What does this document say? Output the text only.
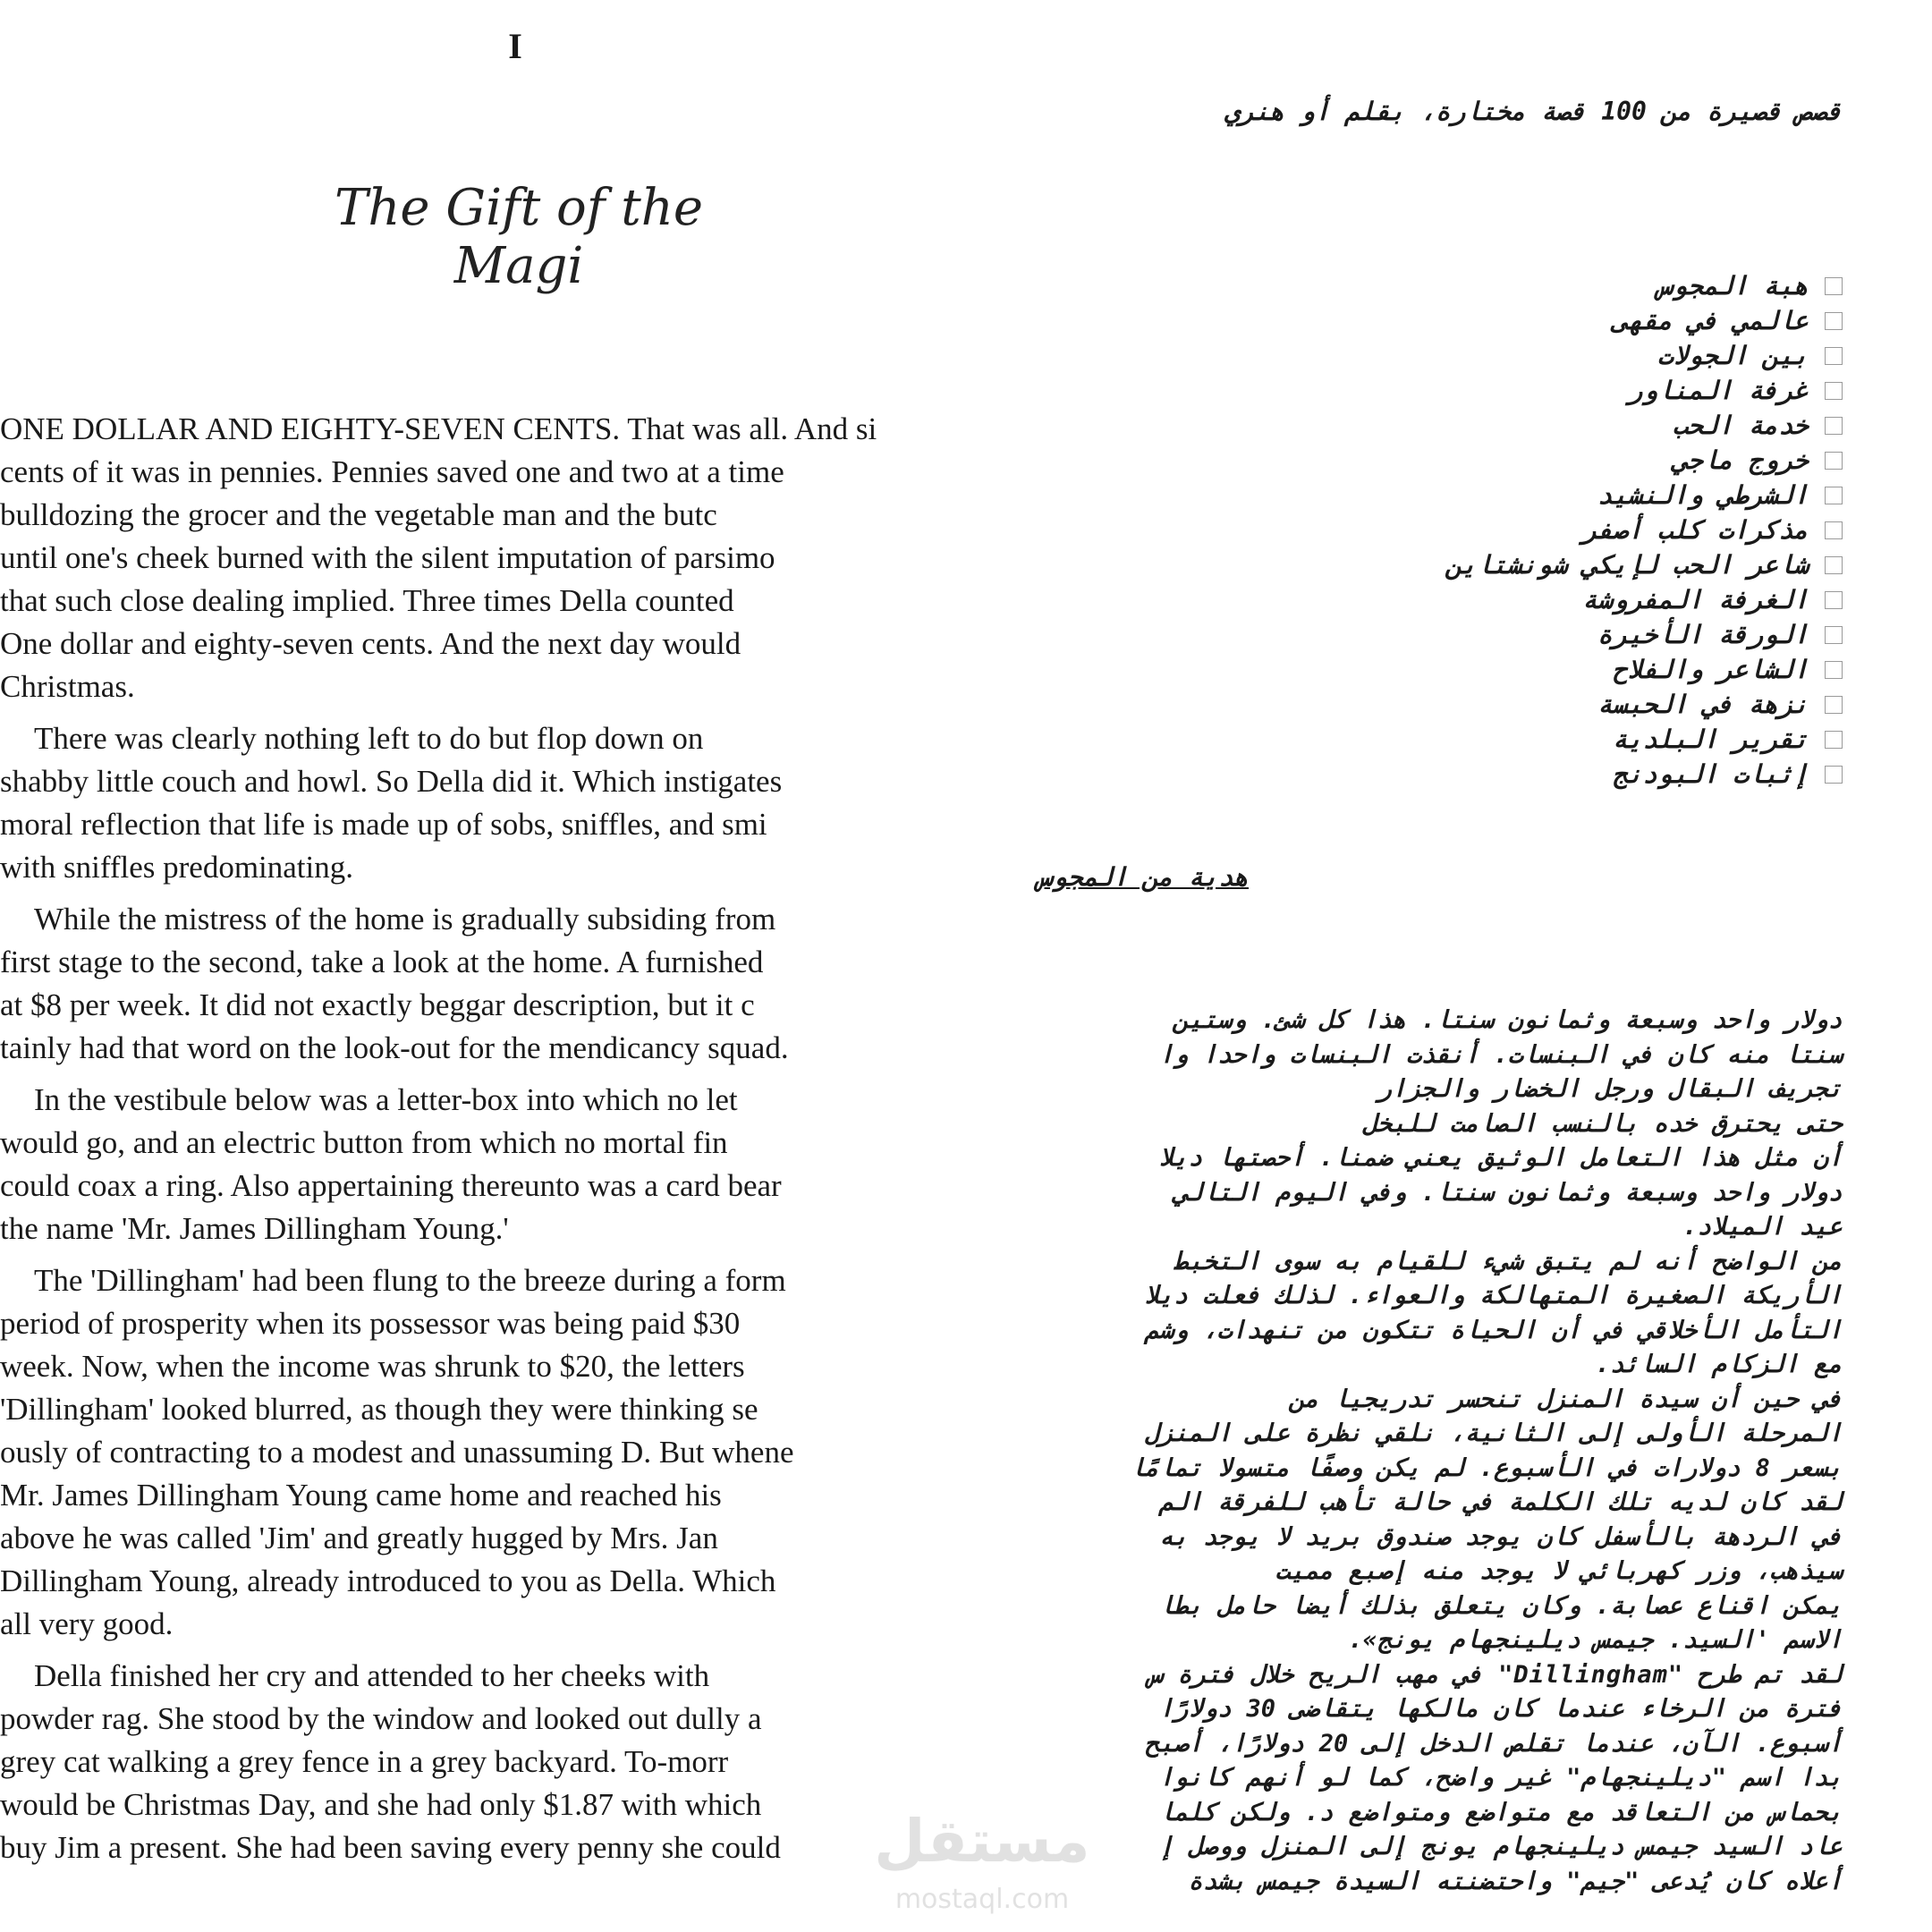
I
The Gift of the Magi
ONE DOLLAR AND EIGHTY-SEVEN CENTS. That was all. And si
cents of it was in pennies. Pennies saved one and two at a time
bulldozing the grocer and the vegetable man and the butc
until one's cheek burned with the silent imputation of parsimo
that such close dealing implied. Three times Della counted
One dollar and eighty-seven cents. And the next day would
Christmas.
There was clearly nothing left to do but flop down on
shabby little couch and howl. So Della did it. Which instigates
moral reflection that life is made up of sobs, sniffles, and smi
with sniffles predominating.
While the mistress of the home is gradually subsiding from
first stage to the second, take a look at the home. A furnished
at $8 per week. It did not exactly beggar description, but it c
tainly had that word on the look-out for the mendicancy squad.
In the vestibule below was a letter-box into which no let
would go, and an electric button from which no mortal fin
could coax a ring. Also appertaining thereunto was a card bear
the name 'Mr. James Dillingham Young.'
The 'Dillingham' had been flung to the breeze during a form
period of prosperity when its possessor was being paid $30
week. Now, when the income was shrunk to $20, the letters
'Dillingham' looked blurred, as though they were thinking se
ously of contracting to a modest and unassuming D. But whene
Mr. James Dillingham Young came home and reached his
above he was called 'Jim' and greatly hugged by Mrs. Jan
Dillingham Young, already introduced to you as Della. Which
all very good.
Della finished her cry and attended to her cheeks with
powder rag. She stood by the window and looked out dully a
grey cat walking a grey fence in a grey backyard. To-morr
would be Christmas Day, and she had only $1.87 with which
buy Jim a present. She had been saving every penny she could
قصص قصيرة من 100 قصة مختارة، بقلم أو هنري
هبة المجوس
عالمي في مقهى
بين الجولات
غرفة المناور
خدمة الحب
خروج ماجي
الشرطي والنشيد
مذكرات كلب أصفر
شاعر الحب لإيكي شونشتاين
الغرفة المفروشة
الورقة الأخيرة
الشاعر والفلاح
نزهة في الحبسة
تقرير البلدية
إثبات البودنج
هدية من المجوس
دولار واحد وسبعة وثمانون سنتا. هذا كل شئ. وستين
سنتا منه كان في البنسات. أنقذت البنسات واحدا وا
تجريف البقال ورجل الخضار والجزار
حتى يحترق خده بالنسب الصامت للبخل
أن مثل هذا التعامل الوثيق يعني ضمنا. أحصتها ديلا
دولار واحد وسبعة وثمانون سنتا. وفي اليوم التالي
عيد الميلاد.
من الواضح أنه لم يتبق شيء للقيام به سوى التخبط
الأريكة الصغيرة المتهالكة والعواء. لذلك فعلت ديلا
التأمل الأخلاقي في أن الحياة تتكون من تنهدات، وشم
مع الزكام السائد.
في حين أن سيدة المنزل تنحسر تدريجيا من
المرحلة الأولى إلى الثانية، نلقي نظرة على المنزل
بسعر 8 دولارات في الأسبوع. لم يكن وصفًا متسولا تمامًا
لقد كان لديه تلك الكلمة في حالة تأهب للفرقة الم
في الردهة بالأسفل كان يوجد صندوق بريد لا يوجد به
سيذهب، وزر كهربائي لا يوجد منه إصبع مميت
يمكن اقناع عصابة. وكان يتعلق بذلك أيضا حامل بطا
الاسم 'السيد. جيمس ديلينجهام يونج».
لقد تم طرح "Dillingham" في مهب الريح خلال فترة س
فترة من الرخاء عندما كان مالكها يتقاضى 30 دولارًا
أسبوع. الآن، عندما تقلص الدخل إلى 20 دولارًا، أصبح
بدا اسم "ديلينجهام" غير واضح، كما لو أنهم كانوا
بحماس من التعاقد مع متواضع ومتواضع د. ولكن كلما
عاد السيد جيمس ديلينجهام يونج إلى المنزل ووصل إ
أعلاه كان يُدعى "جيم" واحتضنته السيدة جيمس بشدة
مستقل
mostaql.com
